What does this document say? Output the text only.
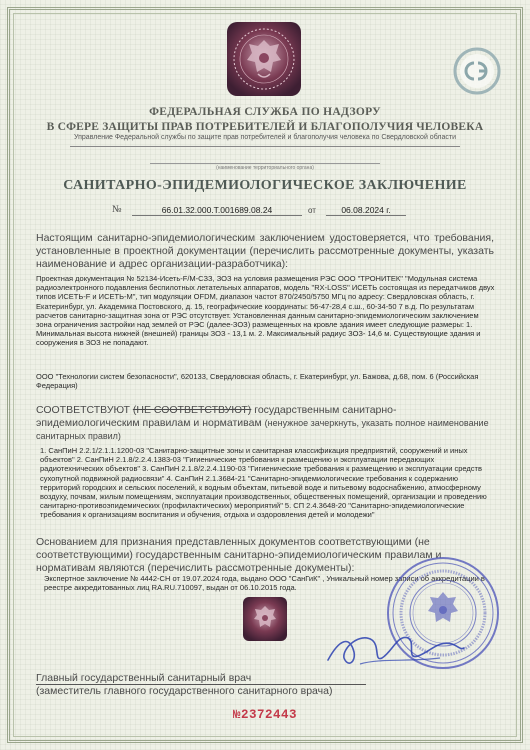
ФЕДЕРАЛЬНАЯ СЛУЖБА ПО НАДЗОРУ
В СФЕРЕ ЗАЩИТЫ ПРАВ ПОТРЕБИТЕЛЕЙ И БЛАГОПОЛУЧИЯ ЧЕЛОВЕКА
Управление Федеральной службы по защите прав потребителей и благополучия человека по Свердловской области
(наименование территориального органа)
САНИТАРНО-ЭПИДЕМИОЛОГИЧЕСКОЕ ЗАКЛЮЧЕНИЕ
№	66.01.32.000.Т.001689.08.24	от	06.08.2024 г.
Настоящим санитарно-эпидемиологическим заключением удостоверяется, что требования, установленные в проектной документации (перечислить рассмотренные документы, указать наименование и адрес организации-разработчика):
Проектная документация № 52134-Исеть-F/М-СЗЗ, ЗОЗ на условия размещения РЭС ООО "ТРОНИТЕК" "Модульная система радиоэлектронного подавления беспилотных летательных аппаратов, модель "RX-LOSS" ИСЕТЬ состоящая из передатчиков двух типов ИСЕТЬ-F и ИСЕТЬ-М", тип модуляции OFDM, диапазон частот 870/2450/5750 МГц по адресу: Свердловская область, г. Екатеринбург, ул. Академика Постовского, д. 15, географические координаты: 56-47-28,4 с.ш., 60-34-50 7 в.д. По результатам расчетов санитарно-защитная зона от РЭС отсутствует. Установленная данным санитарно-эпидемиологическим заключением зона ограничения застройки над землей от РЭС (далее-ЗОЗ) размещенных на кровле здания имеет следующие размеры: 1. Минимальная высота нижней (внешней) границы ЗОЗ - 13,1 м. 2. Максимальный радиус ЗОЗ- 14,6 м. Существующие здания и сооружения в ЗОЗ не попадают.
ООО "Технологии систем безопасности", 620133, Свердловская область, г. Екатеринбург, ул. Бажова, д.68, пом. 6 (Российская Федерация)
СООТВЕТСТВУЮТ (НЕ СООТВЕТСТВУЮТ) государственным санитарно-эпидемиологическим правилам и нормативам (ненужное зачеркнуть, указать полное наименование санитарных правил)
1. СанПиН 2.2.1/2.1.1.1200-03 "Санитарно-защитные зоны и санитарная классификация предприятий, сооружений и иных объектов" 2. СанПиН 2.1.8/2.2.4.1383-03 "Гигиенические требования к размещению и эксплуатации передающих радиотехнических объектов" 3. СанПиН 2.1.8/2.2.4.1190-03 "Гигиенические требования к размещению и эксплуатации средств сухопутной подвижной радиосвязи" 4. СанПиН 2.1.3684-21 "Санитарно-эпидемиологические требования к содержанию территорий городских и сельских поселений, к водным объектам, питьевой воде и питьевому водоснабжению, атмосферному воздуху, почвам, жилым помещениям, эксплуатации производственных, общественных помещений, организации и проведению санитарно-противоэпидемических (профилактических) мероприятий" 5. СП 2.4.3648-20 "Санитарно-эпидемиологические требования к организациям воспитания и обучения, отдыха и оздоровления детей и молодежи"
Основанием для признания представленных документов соответствующими (не соответствующими) государственным санитарно-эпидемиологическим правилам и нормативам являются (перечислить рассмотренные документы):
Экспертное заключение № 4442-СН от 19.07.2024 года, выдано ООО "СанГиК" , Уникальный номер записи об аккредитации в реестре аккредитованных лиц RA.RU.710097, выдан от 06.10.2015 года.
Главный государственный санитарный врач
(заместитель главного государственного санитарного врача)
№2372443
